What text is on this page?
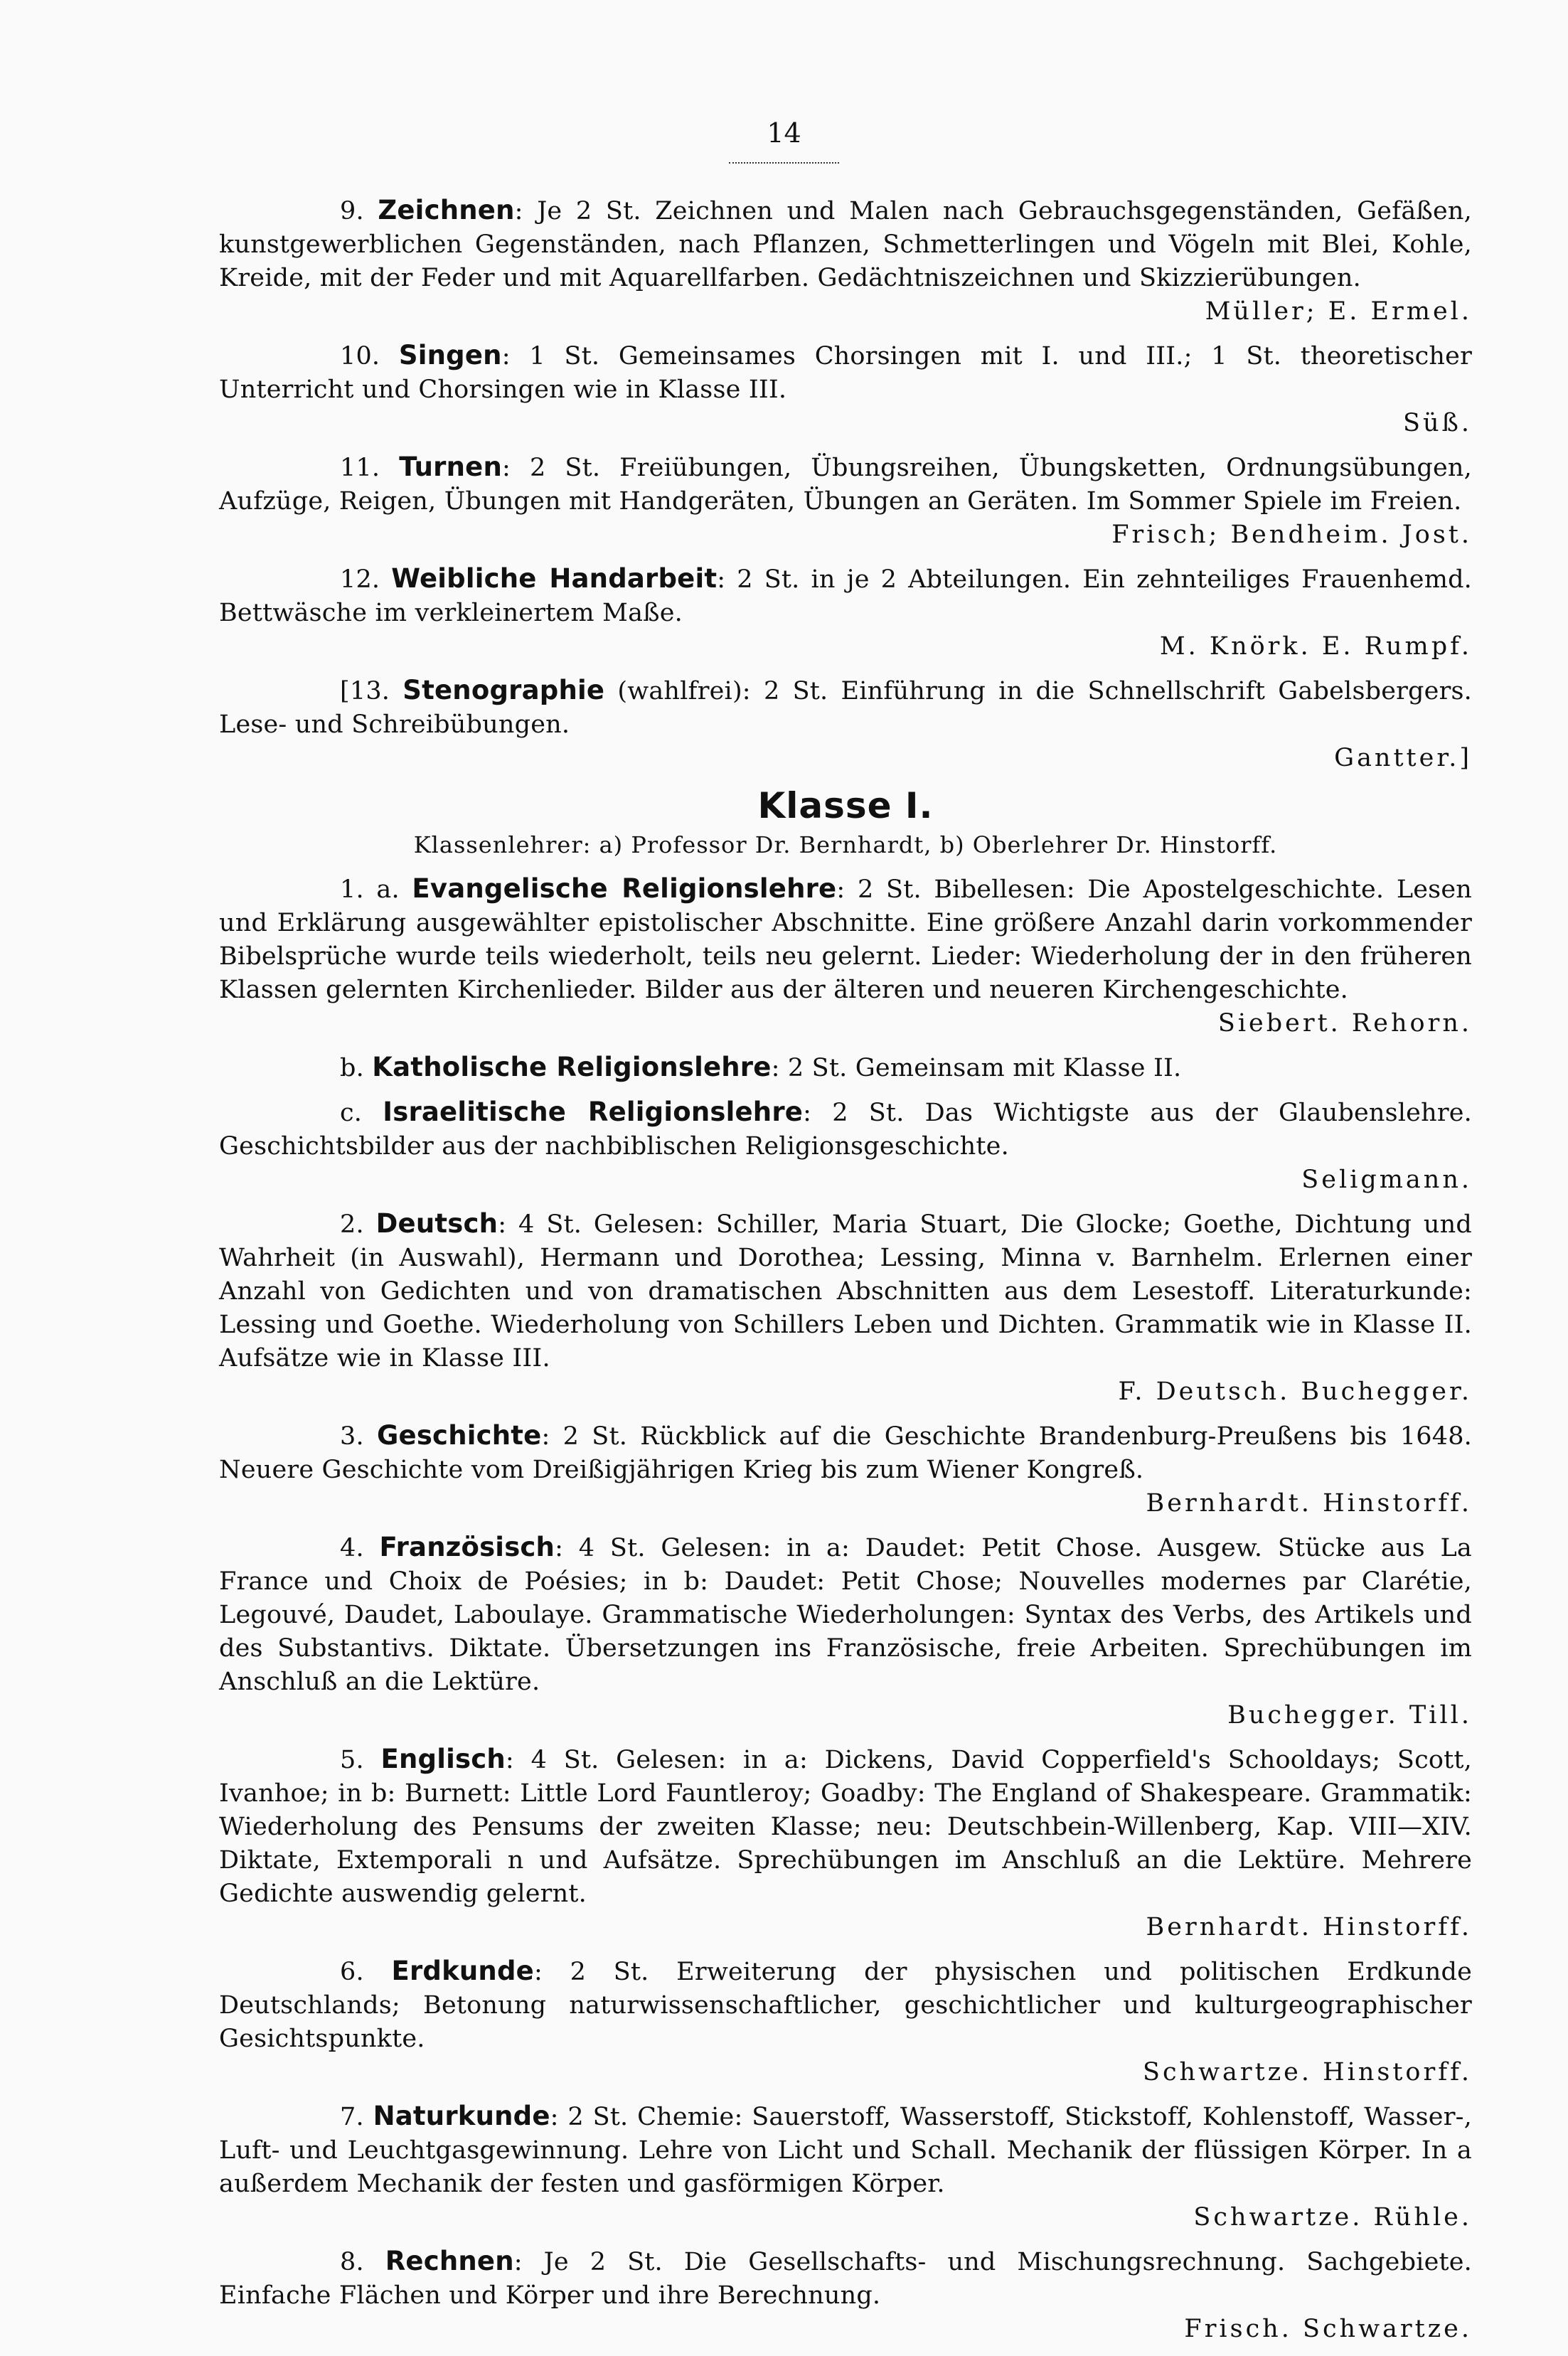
14

9. Zeichnen: Je 2 St. Zeichnen und Malen nach Gebrauchsgegenständen, Gefäßen, kunstgewerblichen Gegenständen, nach Pflanzen, Schmetterlingen und Vögeln mit Blei, Kohle, Kreide, mit der Feder und mit Aquarellfarben. Gedächtniszeichnen und Skizzierübungen.

Müller; E. Ermel.

10. Singen: 1 St. Gemeinsames Chorsingen mit I. und III.; 1 St. theoretischer Unterricht und Chorsingen wie in Klasse III.

Süß.

11. Turnen: 2 St. Freiübungen, Übungsreihen, Übungsketten, Ordnungsübungen, Aufzüge, Reigen, Übungen mit Handgeräten, Übungen an Geräten. Im Sommer Spiele im Freien.

Frisch; Bendheim. Jost.

12. Weibliche Handarbeit: 2 St. in je 2 Abteilungen. Ein zehnteiliges Frauenhemd. Bettwäsche im verkleinertem Maße.

M. Knörk. E. Rumpf.

[13. Stenographie (wahlfrei): 2 St. Einführung in die Schnellschrift Gabelsbergers. Lese- und Schreibübungen.

Gantter.]
Klasse I.
Klassenlehrer: a) Professor Dr. Bernhardt, b) Oberlehrer Dr. Hinstorff.

1. a. Evangelische Religionslehre: 2 St. Bibellesen: Die Apostelgeschichte. Lesen und Erklärung ausgewählter epistolischer Abschnitte. Eine größere Anzahl darin vorkommender Bibelsprüche wurde teils wiederholt, teils neu gelernt. Lieder: Wiederholung der in den früheren Klassen gelernten Kirchenlieder. Bilder aus der älteren und neueren Kirchengeschichte.

Siebert. Rehorn.

b. Katholische Religionslehre: 2 St. Gemeinsam mit Klasse II.

c. Israelitische Religionslehre: 2 St. Das Wichtigste aus der Glaubenslehre. Geschichtsbilder aus der nachbiblischen Religionsgeschichte.

Seligmann.

2. Deutsch: 4 St. Gelesen: Schiller, Maria Stuart, Die Glocke; Goethe, Dichtung und Wahrheit (in Auswahl), Hermann und Dorothea; Lessing, Minna v. Barnhelm. Erlernen einer Anzahl von Gedichten und von dramatischen Abschnitten aus dem Lesestoff. Literaturkunde: Lessing und Goethe. Wiederholung von Schillers Leben und Dichten. Grammatik wie in Klasse II. Aufsätze wie in Klasse III.

F. Deutsch. Buchegger.

3. Geschichte: 2 St. Rückblick auf die Geschichte Brandenburg-Preußens bis 1648. Neuere Geschichte vom Dreißigjährigen Krieg bis zum Wiener Kongreß.

Bernhardt. Hinstorff.

4. Französisch: 4 St. Gelesen: in a: Daudet: Petit Chose. Ausgew. Stücke aus La France und Choix de Poésies; in b: Daudet: Petit Chose; Nouvelles modernes par Clarétie, Legouvé, Daudet, Laboulaye. Grammatische Wiederholungen: Syntax des Verbs, des Artikels und des Substantivs. Diktate. Übersetzungen ins Französische, freie Arbeiten. Sprechübungen im Anschluß an die Lektüre.

Buchegger. Till.

5. Englisch: 4 St. Gelesen: in a: Dickens, David Copperfield's Schooldays; Scott, Ivanhoe; in b: Burnett: Little Lord Fauntleroy; Goadby: The England of Shakespeare. Grammatik: Wiederholung des Pensums der zweiten Klasse; neu: Deutschbein-Willenberg, Kap. VIII—XIV. Diktate, Extemporali n und Aufsätze. Sprechübungen im Anschluß an die Lektüre. Mehrere Gedichte auswendig gelernt.

Bernhardt. Hinstorff.

6. Erdkunde: 2 St. Erweiterung der physischen und politischen Erdkunde Deutschlands; Betonung naturwissenschaftlicher, geschichtlicher und kulturgeographischer Gesichtspunkte.

Schwartze. Hinstorff.

7. Naturkunde: 2 St. Chemie: Sauerstoff, Wasserstoff, Stickstoff, Kohlenstoff, Wasser-, Luft- und Leuchtgasgewinnung. Lehre von Licht und Schall. Mechanik der flüssigen Körper. In a außerdem Mechanik der festen und gasförmigen Körper.

Schwartze. Rühle.

8. Rechnen: Je 2 St. Die Gesellschafts- und Mischungsrechnung. Sachgebiete. Einfache Flächen und Körper und ihre Berechnung.

Frisch. Schwartze.
